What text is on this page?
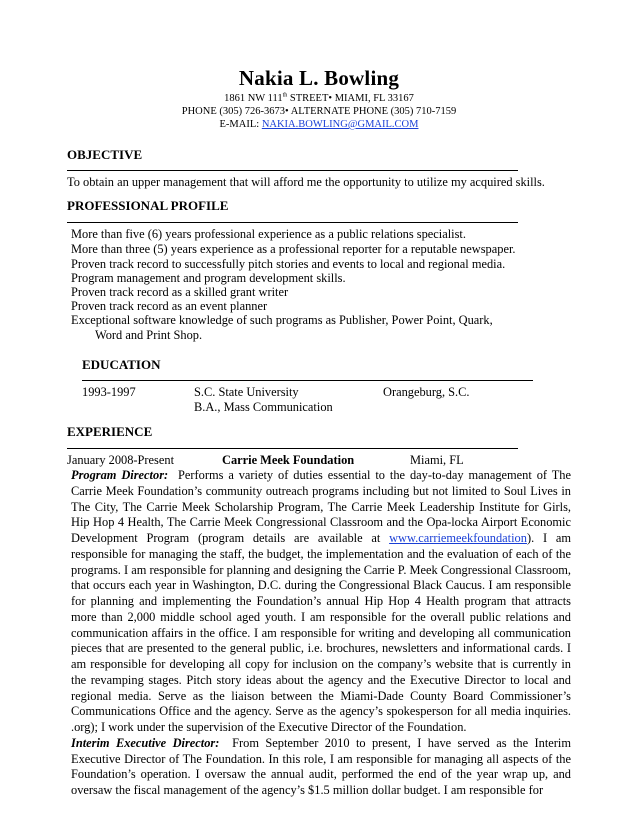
Nakia L. Bowling
1861 NW 111th STREET• MIAMI, FL 33167
PHONE (305) 726-3673• ALTERNATE PHONE (305) 710-7159
E-MAIL: NAKIA.BOWLING@GMAIL.COM
OBJECTIVE
To obtain an upper management that will afford me the opportunity to utilize my acquired skills.
PROFESSIONAL PROFILE
More than five (6) years professional experience as a public relations specialist.
More than three (5) years experience as a professional reporter for a reputable newspaper.
Proven track record to successfully pitch stories and events to local and regional media.
Program management and program development skills.
Proven track record as a skilled grant writer
Proven track record as an event planner
Exceptional software knowledge of such programs as Publisher, Power Point, Quark,
Word and Print Shop.
EDUCATION
1993-1997	S.C. State University	Orangeburg, S.C.
B.A., Mass Communication
EXPERIENCE
January 2008-Present	Carrie Meek Foundation	Miami, FL

Program Director: Performs a variety of duties essential to the day-to-day management of The Carrie Meek Foundation’s community outreach programs including but not limited to Soul Lives in The City, The Carrie Meek Scholarship Program, The Carrie Meek Leadership Institute for Girls, Hip Hop 4 Health, The Carrie Meek Congressional Classroom and the Opa-locka Airport Economic Development Program (program details are available at www.carriemeekfoundation). I am responsible for managing the staff, the budget, the implementation and the evaluation of each of the programs. I am responsible for planning and designing the Carrie P. Meek Congressional Classroom, that occurs each year in Washington, D.C. during the Congressional Black Caucus. I am responsible for planning and implementing the Foundation’s annual Hip Hop 4 Health program that attracts more than 2,000 middle school aged youth. I am responsible for the overall public relations and communication affairs in the office. I am responsible for writing and developing all communication pieces that are presented to the general public, i.e. brochures, newsletters and informational cards. I am responsible for developing all copy for inclusion on the company’s website that is currently in the revamping stages. Pitch story ideas about the agency and the Executive Director to local and regional media. Serve as the liaison between the Miami-Dade County Board Commissioner’s Communications Office and the agency. Serve as the agency’s spokesperson for all media inquiries. .org); I work under the supervision of the Executive Director of the Foundation.

Interim Executive Director: From September 2010 to present, I have served as the Interim Executive Director of The Foundation. In this role, I am responsible for managing all aspects of the Foundation’s operation. I oversaw the annual audit, performed the end of the year wrap up, and oversaw the fiscal management of the agency’s $1.5 million dollar budget. I am responsible for
